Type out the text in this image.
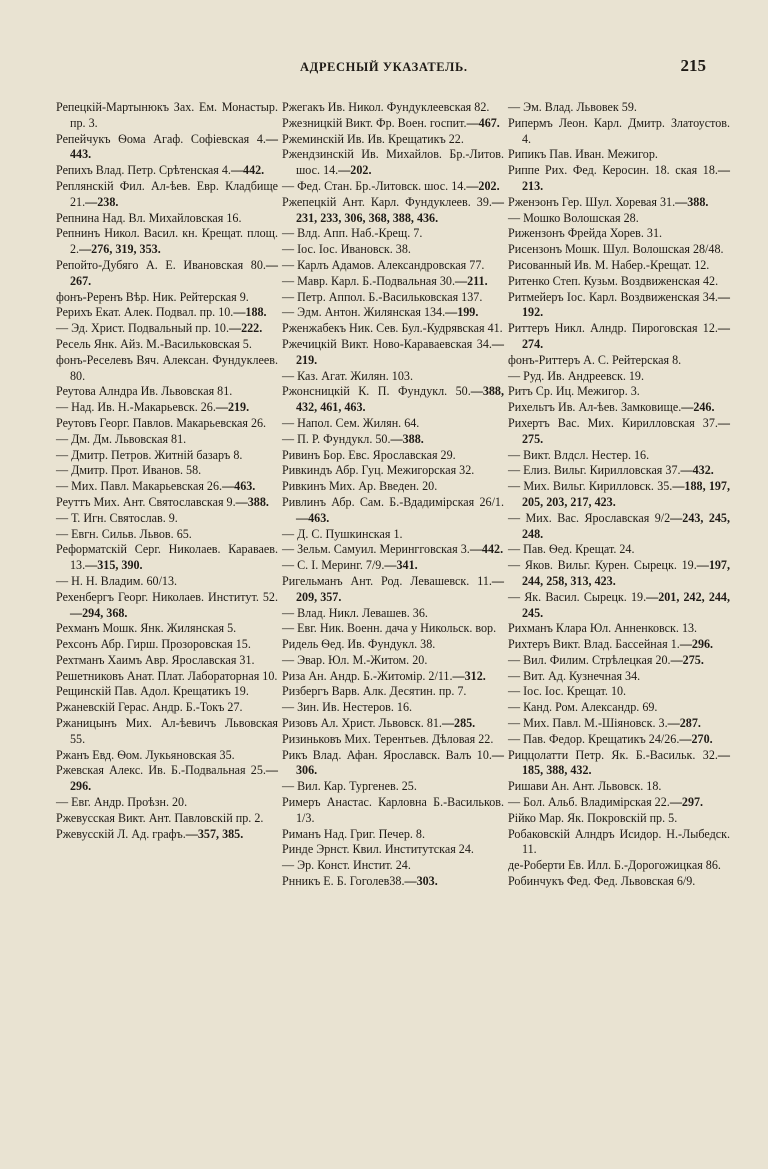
АДРЕСНЫЙ УКАЗАТЕЛЬ.	215

Репецкій-Мартынюкъ Зах. Ем. Монастыр. пр. 3.

Репейчукъ Ѳома Агаф. Софіевская 4.—443.

Репихъ Влад. Петр. Срѣтенская 4.—442.

Реплянскій Фил. Ал-ѣев. Евр. Кладбище 21.—238.

Репнина Над. Вл. Михайловская 16.

Репнинъ Никол. Васил. кн. Крещат. площ. 2.—276, 319, 353.

Репойто-Дубяго А. Е. Ивановская 80.—267.

фонъ-Реренъ Вѣр. Ник. Рейтерская 9.

Рерихъ Екат. Алек. Подвал. пр. 10.—188.

— Эд. Христ. Подвальный пр. 10.—222.

Ресель Янк. Айз. М.-Васильковская 5.

фонъ-Реселевъ Вяч. Алексан. Фундуклеев. 80.

Реутова Алндра Ив. Львовская 81.

— Над. Ив. Н.-Макарьевск. 26.—219.

Реутовъ Георг. Павлов. Макарьевская 26.

— Дм. Дм. Львовская 81.

— Дмитр. Петров. Житній базаръ 8.

— Дмитр. Прот. Иванов. 58.

— Мих. Павл. Макарьевская 26.—463.

Реуттъ Мих. Ант. Святославская 9.—388.

— Т. Игн. Святослав. 9.

— Евгн. Сильв. Львов. 65.

Реформатскій Серг. Николаев. Караваев. 13.—315, 390.

— Н. Н. Владим. 60/13.

Рехенбергъ Георг. Николаев. Институт. 52.—294, 368.

Рехманъ Мошк. Янк. Жилянская 5.

Рехсонъ Абр. Гирш. Прозоровская 15.

Рехтманъ Хаимъ Авр. Ярославская 31.

Решетниковъ Анат. Плат. Лабораторная 10.

Рещинскій Пав. Адол. Крещатикъ 19.

Ржаневскій Герас. Андр. Б.-Токъ 27.

Ржаницынъ Мих. Ал-ѣевичъ Львовская 55.

Ржанъ Евд. Ѳом. Лукьяновская 35.

Ржевская Алекс. Ив. Б.-Подвальная 25.—296.

— Евг. Андр. Проѣзн. 20.

Ржевусская Викт. Ант. Павловскій пр. 2.

Ржевусскій Л. Ад. графъ.—357, 385.

Ржегакъ Ив. Никол. Фундуклеевская 82.

Ржезницкій Викт. Фр. Воен. госпит.—467.

Ржеминскій Ив. Ив. Крещатикъ 22.

Ржендзинскій Ив. Михайлов. Бр.-Литов. шос. 14.—202.

— Фед. Стан. Бр.-Литовск. шос. 14.—202.

Ржепецкій Ант. Карл. Фундуклеев. 39.—231, 233, 306, 368, 388, 436.

— Влд. Апп. Наб.-Крещ. 7.

— Іос. Іос. Ивановск. 38.

— Карлъ Адамов. Александровская 77.

— Мавр. Карл. Б.-Подвальная 30.—211.

— Петр. Аппол. Б.-Васильковская 137.

— Эдм. Антон. Жилянская 134.—199.

Рженжабекъ Ник. Сев. Бул.-Кудрявская 41.

Ржечицкій Викт. Ново-Караваевская 34.—219.

— Каз. Агат. Жилян. 103.

Ржонсницкій К. П. Фундукл. 50.—388, 432, 461, 463.

— Напол. Сем. Жилян. 64.

— П. Р. Фундукл. 50.—388.

Ривинъ Бор. Евс. Ярославская 29.

Ривкиндъ Абр. Гуц. Межигорская 32.

Ривкинъ Мих. Ар. Введен. 20.

Ривлинъ Абр. Сам. Б.-Вдадимірская 26/1.—463.

— Д. С. Пушкинская 1.

— Зельм. Самуил. Мерингговская 3.—442.

— С. І. Меринг. 7/9.—341.

Ригельманъ Ант. Род. Левашевск. 11.—209, 357.

— Влад. Никл. Левашев. 36.

— Евг. Ник. Военн. дача у Никольск. вор.

Ридель Ѳед. Ив. Фундукл. 38.

— Эвар. Юл. М.-Житом. 20.

Риза Ан. Андр. Б.-Житомір. 2/11.—312.

Ризбергъ Варв. Алк. Десятин. пр. 7.

— Зин. Ив. Нестеров. 16.

Ризовъ Ал. Христ. Львовск. 81.—285.

Ризиньковъ Мих. Терентьев. Дѣловая 22.

Рикъ Влад. Афан. Ярославск. Валъ 10.—306.

— Вил. Кар. Тургенев. 25.

Римеръ Анастас. Карловна Б.-Васильков. 1/3.

Риманъ Над. Григ. Печер. 8.

Ринде Эрнст. Квил. Институтская 24.

— Эр. Конст. Инстит. 24.

Рнникъ Е. Б. Гоголев38.—303.

— Эм. Влад. Львовек 59.

Рипермъ Леон. Карл. Дмитр. Златоустов. 4.

Рипикъ Пав. Иван. Межигор.

Риппе Рих. Фед. Керосин. 18. ская 18.—213.

Рженэонъ Гер. Шул. Хоревая 31.—388.

— Мошко Волошская 28.

Рижензонъ Фрейда Хорев. 31.

Рисензонъ Мошк. Шул. Волошская 28/48.

Рисованный Ив. М. Набер.-Крещат. 12.

Ритенко Степ. Кузьм. Воздвиженская 42.

Ритмейеръ Іос. Карл. Воздвиженская 34.—192.

Риттеръ Никл. Алндр. Пироговская 12.—274.

фонъ-Риттеръ А. С. Рейтерская 8.

— Руд. Ив. Андреевск. 19.

Ритъ Ср. Иц. Межигор. 3.

Рихельтъ Ив. Ал-ѣев. Замковище.—246.

Рихертъ Вас. Мих. Кирилловская 37.—275.

— Викт. Влдсл. Нестер. 16.

— Елиз. Вильг. Кирилловская 37.—432.

— Мих. Вильг. Кирилловск. 35.—188, 197, 205, 203, 217, 423.

— Мих. Вас. Ярославская 9/2—243, 245, 248.

— Пав. Ѳед. Крещат. 24.

— Яков. Вильг. Курен. Сырецк. 19.—197, 244, 258, 313, 423.

— Як. Васил. Сырецк. 19.—201, 242, 244, 245.

Рихманъ Клара Юл. Анненковск. 13.

Рихтеръ Викт. Влад. Бассейная 1.—296.

— Вил. Филим. Стрѣлецкая 20.—275.

— Вит. Ад. Кузнечная 34.

— Іос. Іос. Крещат. 10.

— Канд. Ром. Александр. 69.

— Мих. Павл. М.-Шіяновск. 3.—287.

— Пав. Федор. Крещатикъ 24/26.—270.

Риццолатти Петр. Як. Б.-Васильк. 32.—185, 388, 432.

Ришави Ан. Ант. Львовск. 18.

— Бол. Альб. Владимірская 22.—297.

Рійко Мар. Як. Покровскій пр. 5.

Робаковскій Алндръ Исидор. Н.-Лыбедск. 11.

де-Роберти Ев. Илл. Б.-Дорогожицкая 86.

Робинчукъ Фед. Фед. Львовская 6/9.
